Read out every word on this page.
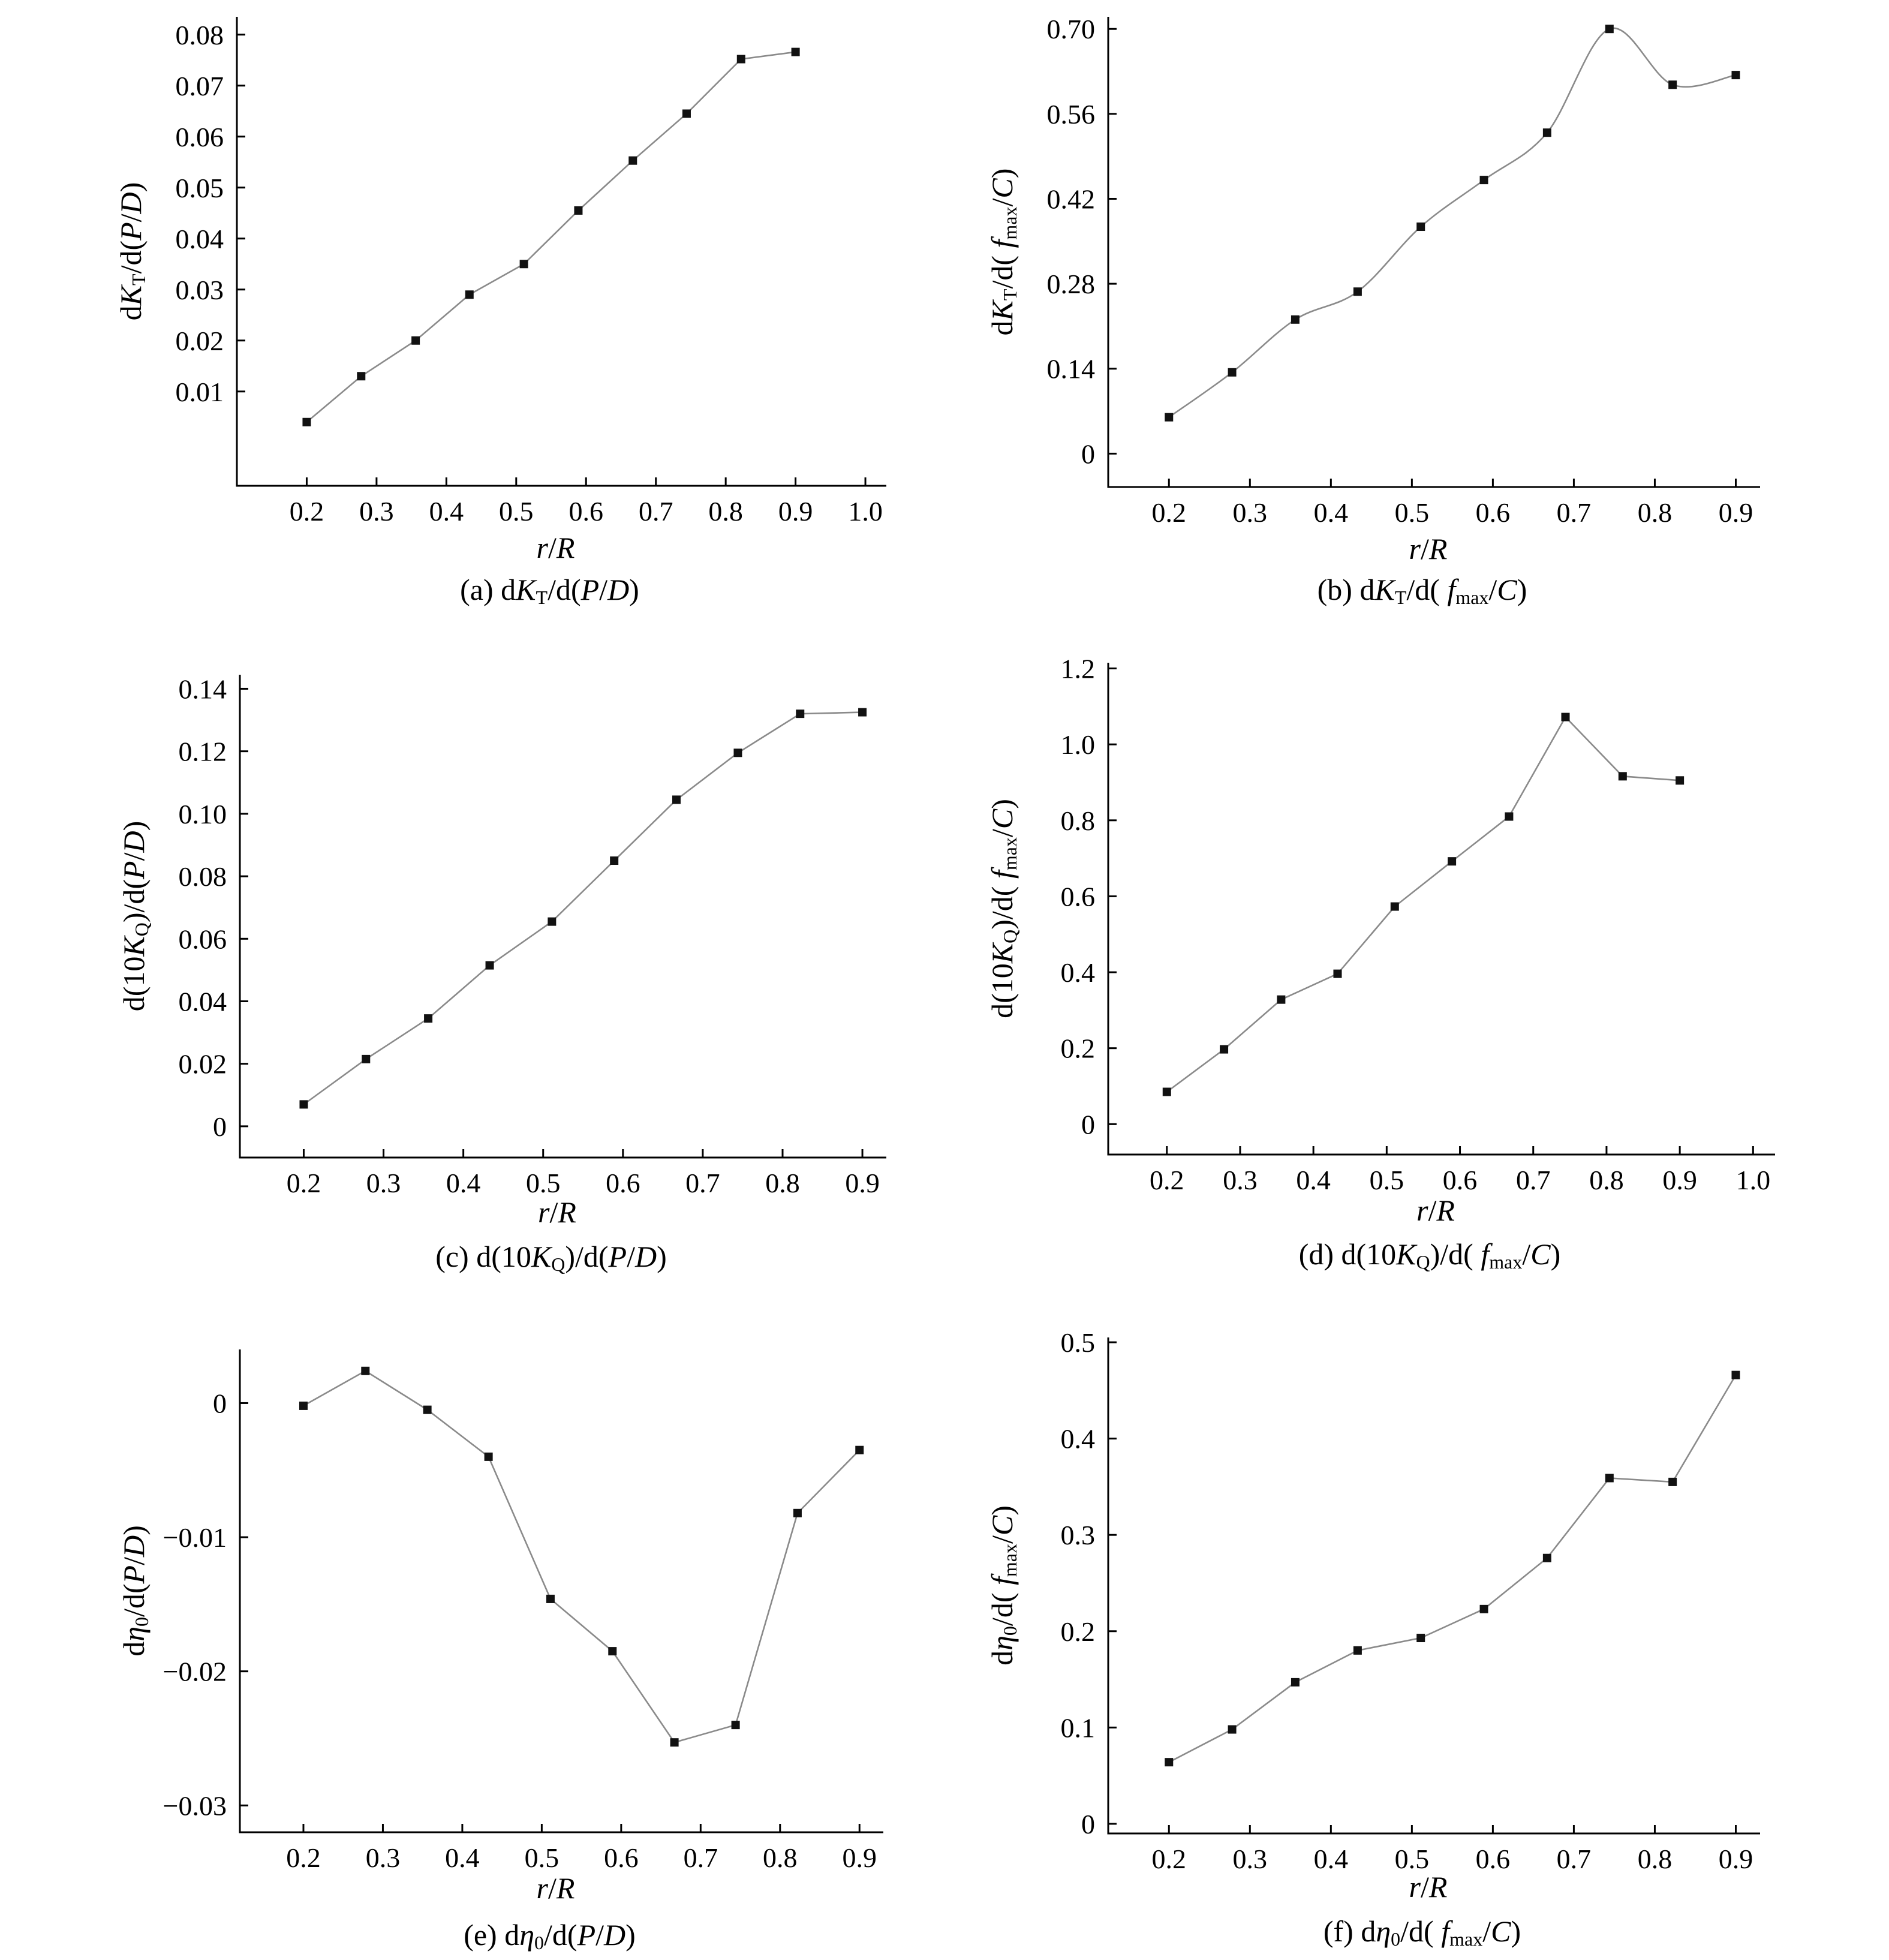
0.2 0.3 0.4 0.5 0.6 0.7 0.8 0.9 1.0
0.01
0.02
0.03
0.04
0.05
0.06
0.07
0.08
r/R
dKT/d(P/D)
(a) dKT/d(P/D)
0.2 0.3 0.4 0.5 0.6 0.7 0.8 0.9
0
0.14
0.28
0.42
0.56
0.70
r/R
dKT/d( fmax/C)
(b) dKT/d( fmax/C)
0.2 0.3 0.4 0.5 0.6 0.7 0.8 0.9
0
0.02
0.04
0.06
0.08
0.10
0.12
0.14
r/R
d(10KQ)/d(P/D)
(c) d(10KQ)/d(P/D)
0.2 0.3 0.4 0.5 0.6 0.7 0.8 0.9 1.0
0
0.2
0.4
0.6
0.8
1.0
1.2
r/R
d(10KQ)/d( fmax/C)
(d) d(10KQ)/d( fmax/C)
0.2 0.3 0.4 0.5 0.6 0.7 0.8 0.9
0
−0.01
−0.02
−0.03
r/R
dη0/d(P/D)
(e) dη0/d(P/D)
0.2 0.3 0.4 0.5 0.6 0.7 0.8 0.9
0
0.1
0.2
0.3
0.4
0.5
r/R
dη0/d( fmax/C)
(f) dη0/d( fmax/C)
